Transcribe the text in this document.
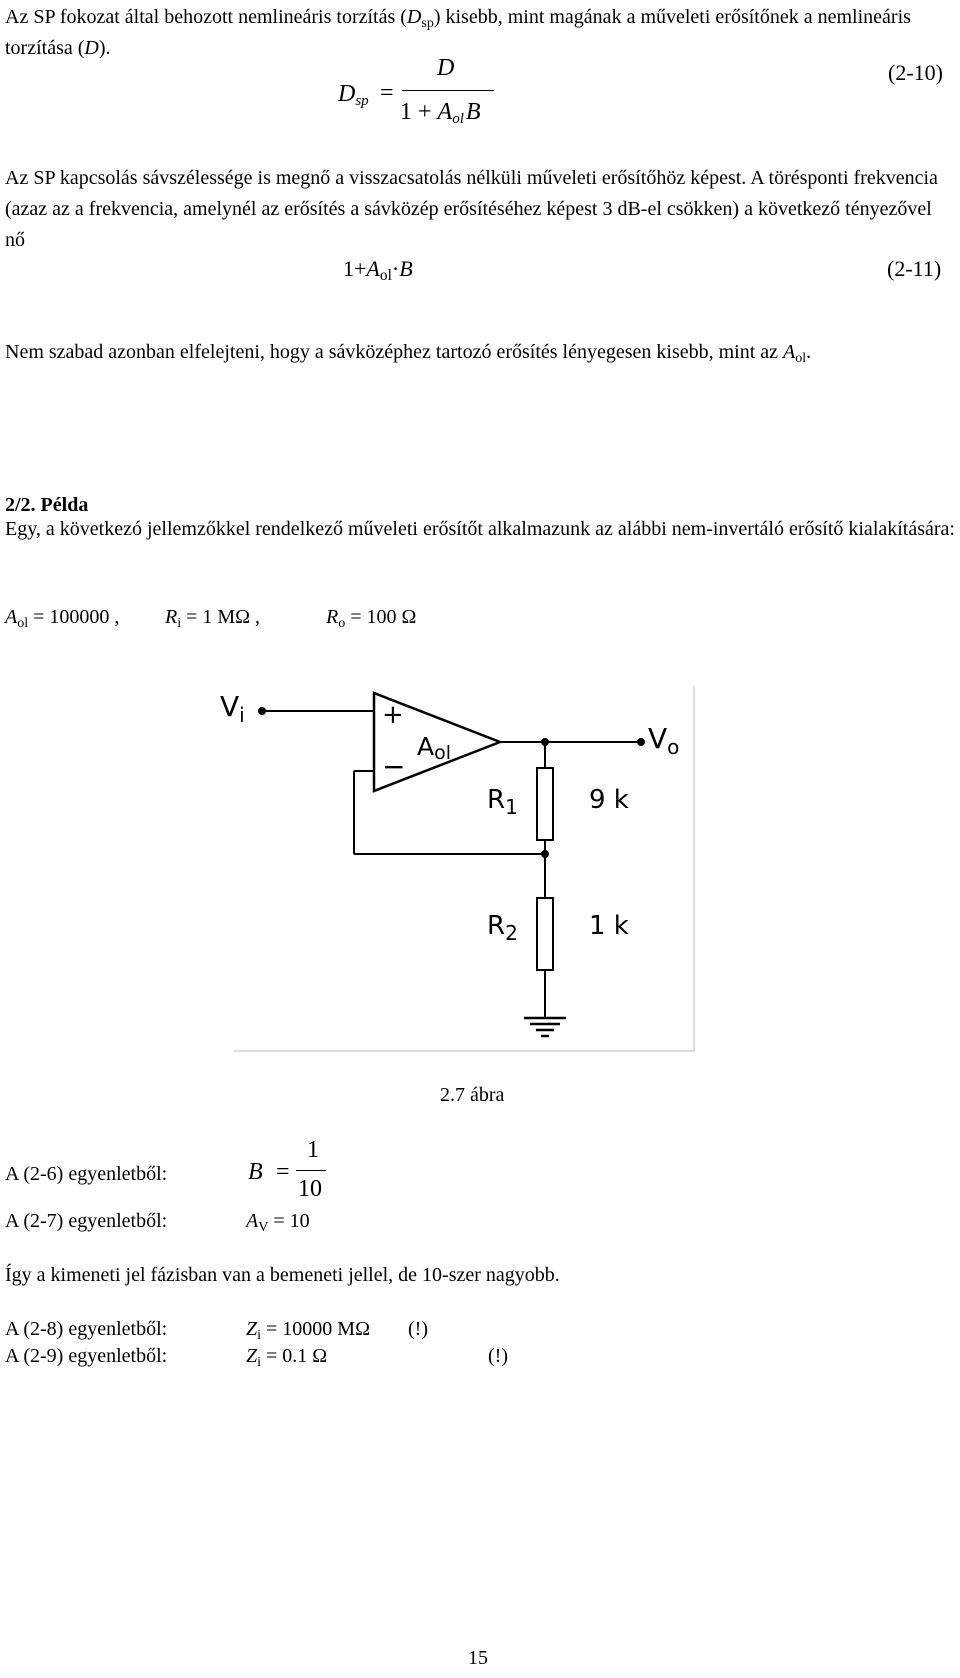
Az SP fokozat által behozott nemlineáris torzítás $(D_{sp})$ kisebb, mint magának a műveleti erősítőnek a nemlineáris torzítása (D).
$D_{sp}$ =
D
$1 + A_{ol}B$
(2-10)
Az SP kapcsolás sávszélessége is megnő a visszacsatolás nélküli műveleti erősítőhöz képest. A törésponti frekvencia (azaz az a frekvencia, amelynél az erősítés a sávközép erősítéséhez képest 3 dB-el csökken) a következő tényezővel nő
$1+A_{ol}\cdot B$	(2-11)
Nem szabad azonban elfelejteni, hogy a sávközéphez tartozó erősítés lényegesen kisebb, mint az $A_{ol}$.
2/2. Példa
Egy, a következó jellemzőkkel rendelkező műveleti erősítőt alkalmazunk az alábbi nem-invertáló erősítő kialakítására:
$A_{ol} = 100000$ , $R_i = 1$ MΩ ,	$R_o = 100$ Ω
+
−
Aol
$V_i$
$V_o$
$R_1$	9 k
$R_2$	1 k
2.7 ábra
A (2-6) egyenletből:	B =
1
10
A (2-7) egyenletből:	$A_V = 10$
Így a kimeneti jel fázisban van a bemeneti jellel, de 10-szer nagyobb.
A (2-8) egyenletből:	$Z_i = 10000$ MΩ (!)
A (2-9) egyenletből:	$Z_i = 0.1$ Ω	(!)
15
